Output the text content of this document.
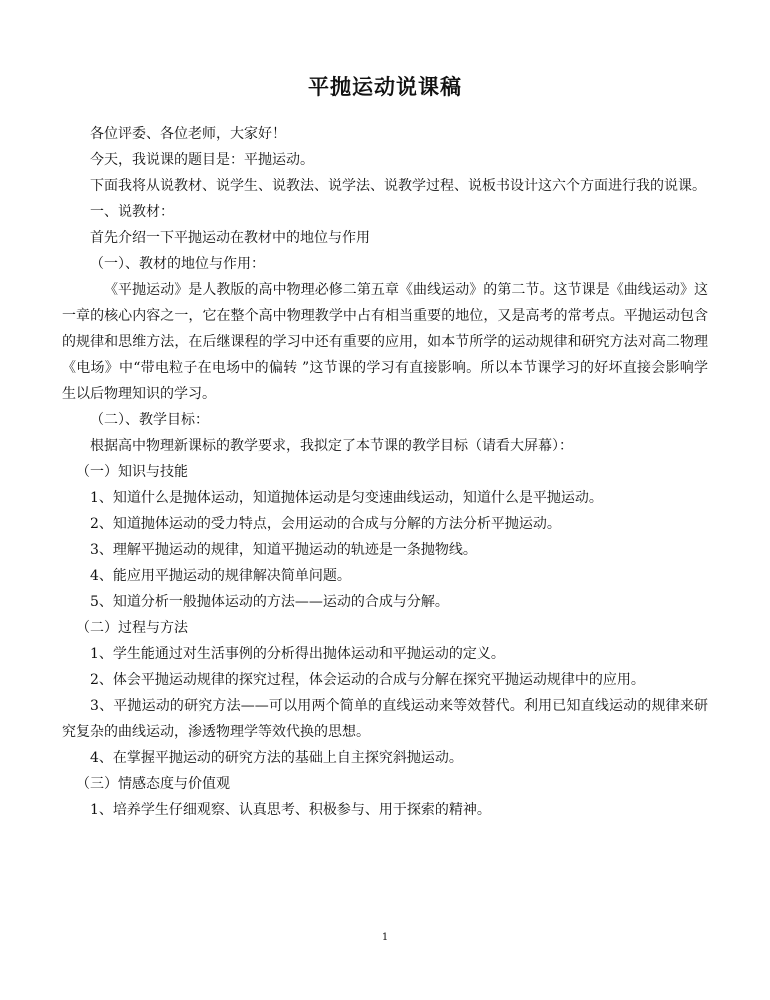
平抛运动说课稿

各位评委、各位老师，大家好！

今天，我说课的题目是：平抛运动。

下面我将从说教材、说学生、说教法、说学法、说教学过程、说板书设计这六个方面进行我的说课。

一、说教材：

首先介绍一下平抛运动在教材中的地位与作用

（一）、教材的地位与作用：

《平抛运动》是人教版的高中物理必修二第五章《曲线运动》的第二节。这节课是《曲线运动》这一章的核心内容之一，它在整个高中物理教学中占有相当重要的地位，又是高考的常考点。平抛运动包含的规律和思维方法，在后继课程的学习中还有重要的应用，如本节所学的运动规律和研究方法对高二物理《电场》中“带电粒子在电场中的偏转 ”这节课的学习有直接影响。所以本节课学习的好坏直接会影响学生以后物理知识的学习。

（二）、教学目标：

根据高中物理新课标的教学要求，我拟定了本节课的教学目标（请看大屏幕）：

（一）知识与技能

1、知道什么是抛体运动，知道抛体运动是匀变速曲线运动，知道什么是平抛运动。

2、知道抛体运动的受力特点，会用运动的合成与分解的方法分析平抛运动。

3、理解平抛运动的规律，知道平抛运动的轨迹是一条抛物线。

4、能应用平抛运动的规律解决简单问题。

5、知道分析一般抛体运动的方法——运动的合成与分解。

（二）过程与方法

1、学生能通过对生活事例的分析得出抛体运动和平抛运动的定义。

2、体会平抛运动规律的探究过程，体会运动的合成与分解在探究平抛运动规律中的应用。

3、平抛运动的研究方法——可以用两个简单的直线运动来等效替代。利用已知直线运动的规律来研究复杂的曲线运动，渗透物理学等效代换的思想。

4、在掌握平抛运动的研究方法的基础上自主探究斜抛运动。

（三）情感态度与价值观

1、培养学生仔细观察、认真思考、积极参与、用于探索的精神。

1
